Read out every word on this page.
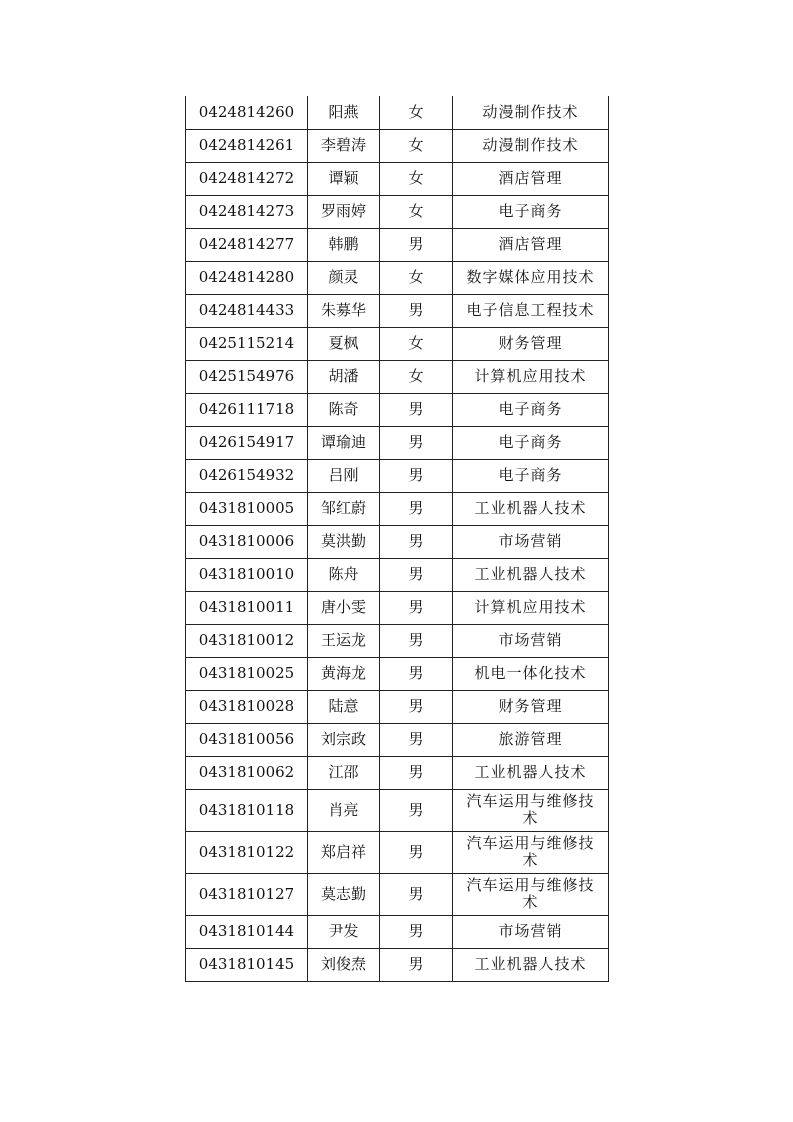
0424814260	阳燕	女	动漫制作技术

0424814261	李碧涛	女	动漫制作技术

0424814272	谭颖	女	酒店管理

0424814273	罗雨婷	女	电子商务

0424814277	韩鹏	男	酒店管理

0424814280	颜灵	女	数字媒体应用技术

0424814433	朱募华	男	电子信息工程技术

0425115214	夏枫	女	财务管理

0425154976	胡潘	女	计算机应用技术

0426111718	陈奇	男	电子商务

0426154917	谭瑜迪	男	电子商务

0426154932	吕刚	男	电子商务

0431810005	邹红蔚	男	工业机器人技术

0431810006	莫洪勤	男	市场营销

0431810010	陈舟	男	工业机器人技术

0431810011	唐小雯	男	计算机应用技术

0431810012	王运龙	男	市场营销

0431810025	黄海龙	男	机电一体化技术

0431810028	陆意	男	财务管理

0431810056	刘宗政	男	旅游管理

0431810062	江邵	男	工业机器人技术

0431810118	肖亮	男	汽车运用与维修技术

0431810122	郑启祥	男	汽车运用与维修技术

0431810127	莫志勤	男	汽车运用与维修技术

0431810144	尹发	男	市场营销

0431810145	刘俊焘	男	工业机器人技术
